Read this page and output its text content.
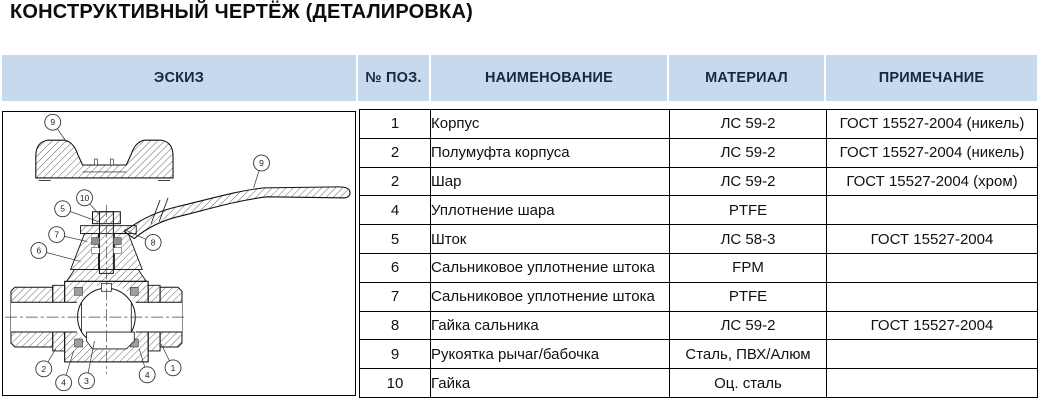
КОНСТРУКТИВНЫЙ ЧЕРТЁЖ (ДЕТАЛИРОВКА)
ЭСКИЗ	№ ПОЗ.	НАИМЕНОВАНИЕ	МАТЕРИАЛ	ПРИМЕЧАНИЕ
9
9
10
5
7
6
8
2
4 3
4
1
1	Корпус	ЛС 59-2	ГОСТ 15527-2004 (никель)
2	Полумуфта корпуса	ЛС 59-2	ГОСТ 15527-2004 (никель)
2	Шар	ЛС 59-2	ГОСТ 15527-2004 (хром)
4	Уплотнение шара	PTFE	
5	Шток	ЛС 58-3	ГОСТ 15527-2004
6	Сальниковое уплотнение штока	FPM	
7	Сальниковое уплотнение штока	PTFE	
8	Гайка сальника	ЛС 59-2	ГОСТ 15527-2004
9	Рукоятка рычаг/бабочка	Сталь, ПВХ/Алюм	
10	Гайка	Оц. сталь	
